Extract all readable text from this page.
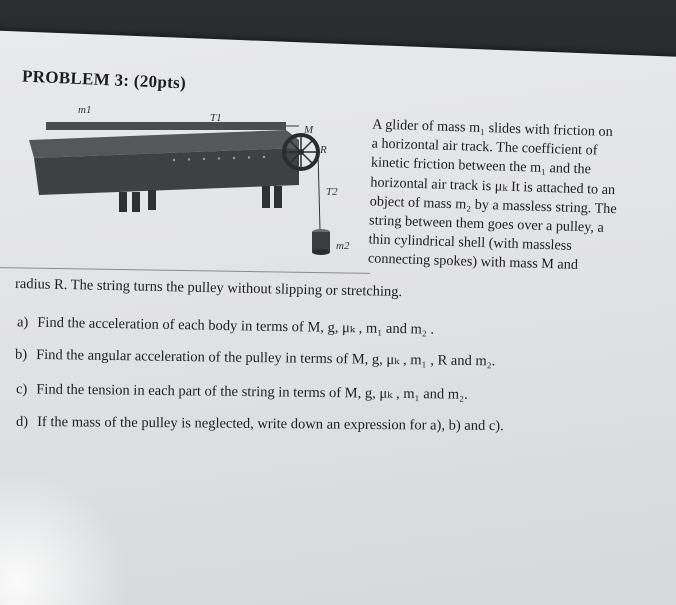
PROBLEM 3: (20pts)
m1
T1
M
R
T2
m2
A glider of mass m₁ slides with friction on
a horizontal air track. The coefficient of
kinetic friction between the m₁ and the
horizontal air track is μₖ It is attached to an
object of mass m₂ by a massless string. The
string between them goes over a pulley, a
thin cylindrical shell (with massless
connecting spokes) with mass M and
radius R. The string turns the pulley without slipping or stretching.
a) Find the acceleration of each body in terms of M, g, μₖ , m₁ and m₂ .
b) Find the angular acceleration of the pulley in terms of M, g, μₖ , m₁ , R and m₂.
c) Find the tension in each part of the string in terms of M, g, μₖ , m₁ and m₂.
d) If the mass of the pulley is neglected, write down an expression for a), b) and c).
